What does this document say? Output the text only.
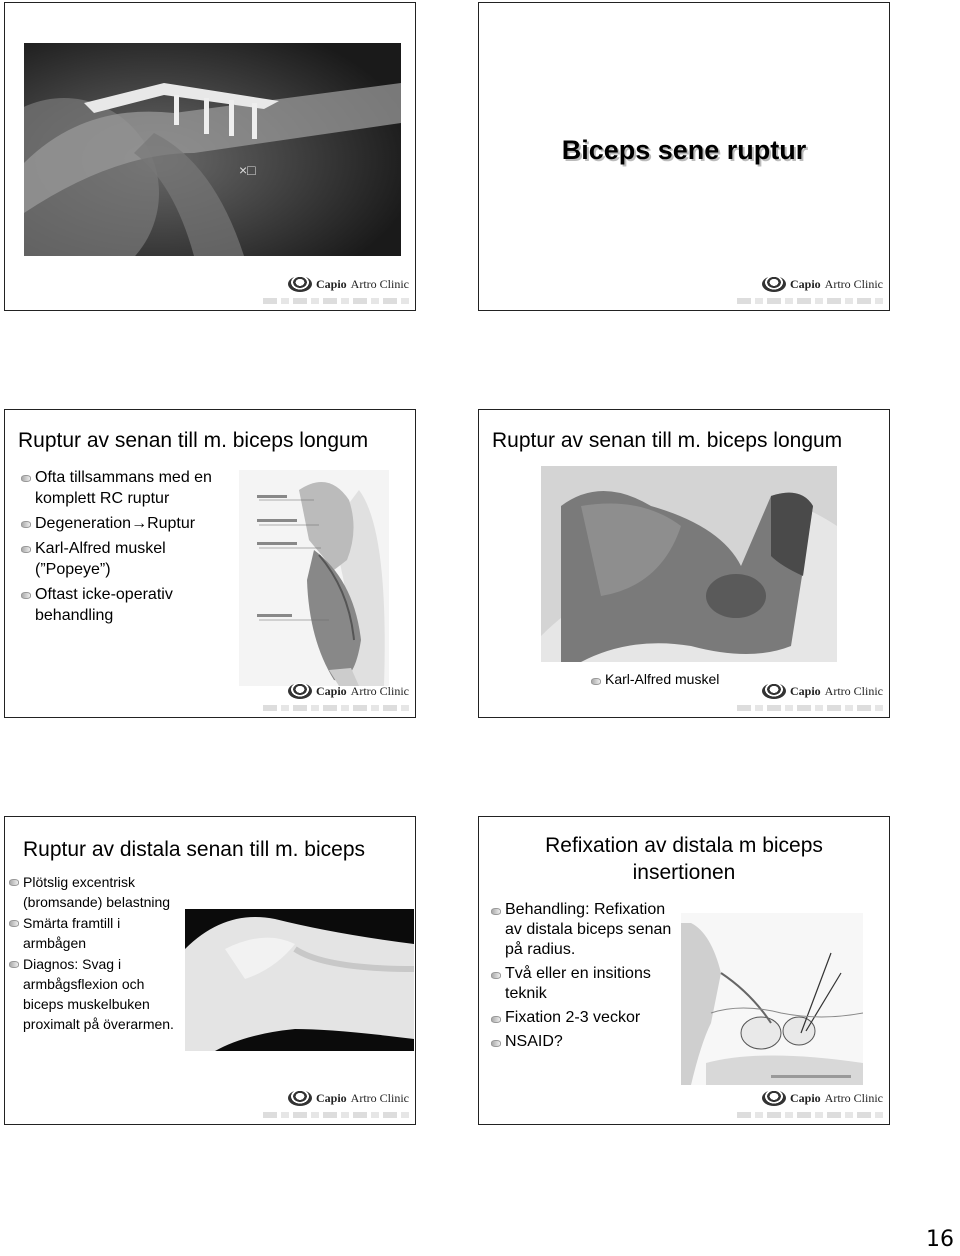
×□
Capio Artro Clinic
Biceps sene ruptur
Capio Artro Clinic
Ruptur av senan till m. biceps longum
Ofta tillsammans med en komplett RC ruptur
Degeneration→Ruptur
Karl-Alfred muskel (”Popeye”)
Oftast icke-operativ behandling
Capio Artro Clinic
Ruptur av senan till m. biceps longum
Karl-Alfred muskel
Capio Artro Clinic
Ruptur av distala senan till m. biceps
Plötslig excentrisk (bromsande) belastning
Smärta framtill i armbågen
Diagnos: Svag i armbågsflexion och biceps muskelbuken proximalt på överarmen.
Capio Artro Clinic
Refixation av distala m biceps insertionen
Behandling: Refixation av distala biceps senan på radius.
Två eller en insitions teknik
Fixation 2-3 veckor
NSAID?
Capio Artro Clinic
16
